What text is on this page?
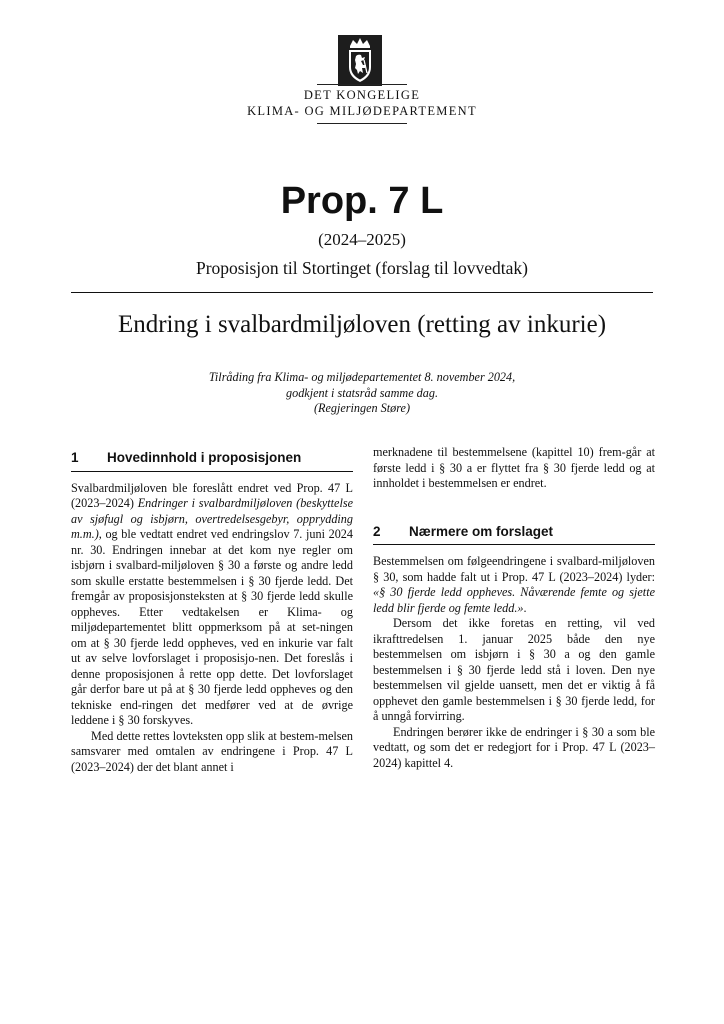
DET KONGELIGE
KLIMA- OG MILJØDEPARTEMENT
Prop. 7 L
(2024–2025)
Proposisjon til Stortinget (forslag til lovvedtak)
Endring i svalbardmiljøloven (retting av inkurie)
Tilråding fra Klima- og miljødepartementet 8. november 2024,
godkjent i statsråd samme dag.
(Regjeringen Støre)
1	Hovedinnhold i proposisjonen

Svalbardmiljøloven ble foreslått endret ved Prop. 47 L (2023–2024) Endringer i svalbardmiljøloven (beskyttelse av sjøfugl og isbjørn, overtredelsesgebyr, opprydding m.m.), og ble vedtatt endret ved endringslov 7. juni 2024 nr. 30. Endringen innebar at det kom nye regler om isbjørn i svalbard-miljøloven § 30 a første og andre ledd som skulle erstatte bestemmelsen i § 30 fjerde ledd. Det fremgår av proposisjonsteksten at § 30 fjerde ledd skulle oppheves. Etter vedtakelsen er Klima- og miljødepartementet blitt oppmerksom på at set-ningen om at § 30 fjerde ledd oppheves, ved en inkurie var falt ut av selve lovforslaget i proposisjo-nen. Det foreslås i denne proposisjonen å rette opp dette. Det lovforslaget går derfor bare ut på at § 30 fjerde ledd oppheves og den tekniske end-ringen det medfører ved at de øvrige leddene i § 30 forskyves.

Med dette rettes lovteksten opp slik at bestem-melsen samsvarer med omtalen av endringene i Prop. 47 L (2023–2024) der det blant annet i

merknadene til bestemmelsene (kapittel 10) frem-går at første ledd i § 30 a er flyttet fra § 30 fjerde ledd og at innholdet i bestemmelsen er endret.

2	Nærmere om forslaget

Bestemmelsen om følgeendringene i svalbard-miljøloven § 30, som hadde falt ut i Prop. 47 L (2023–2024) lyder: «§ 30 fjerde ledd oppheves. Nåværende femte og sjette ledd blir fjerde og femte ledd.».

Dersom det ikke foretas en retting, vil ved ikrafttredelsen 1. januar 2025 både den nye bestemmelsen om isbjørn i § 30 a og den gamle bestemmelsen i § 30 fjerde ledd stå i loven. Den nye bestemmelsen vil gjelde uansett, men det er viktig å få opphevet den gamle bestemmelsen i § 30 fjerde ledd, for å unngå forvirring.

Endringen berører ikke de endringer i § 30 a som ble vedtatt, og som det er redegjort for i Prop. 47 L (2023–2024) kapittel 4.
